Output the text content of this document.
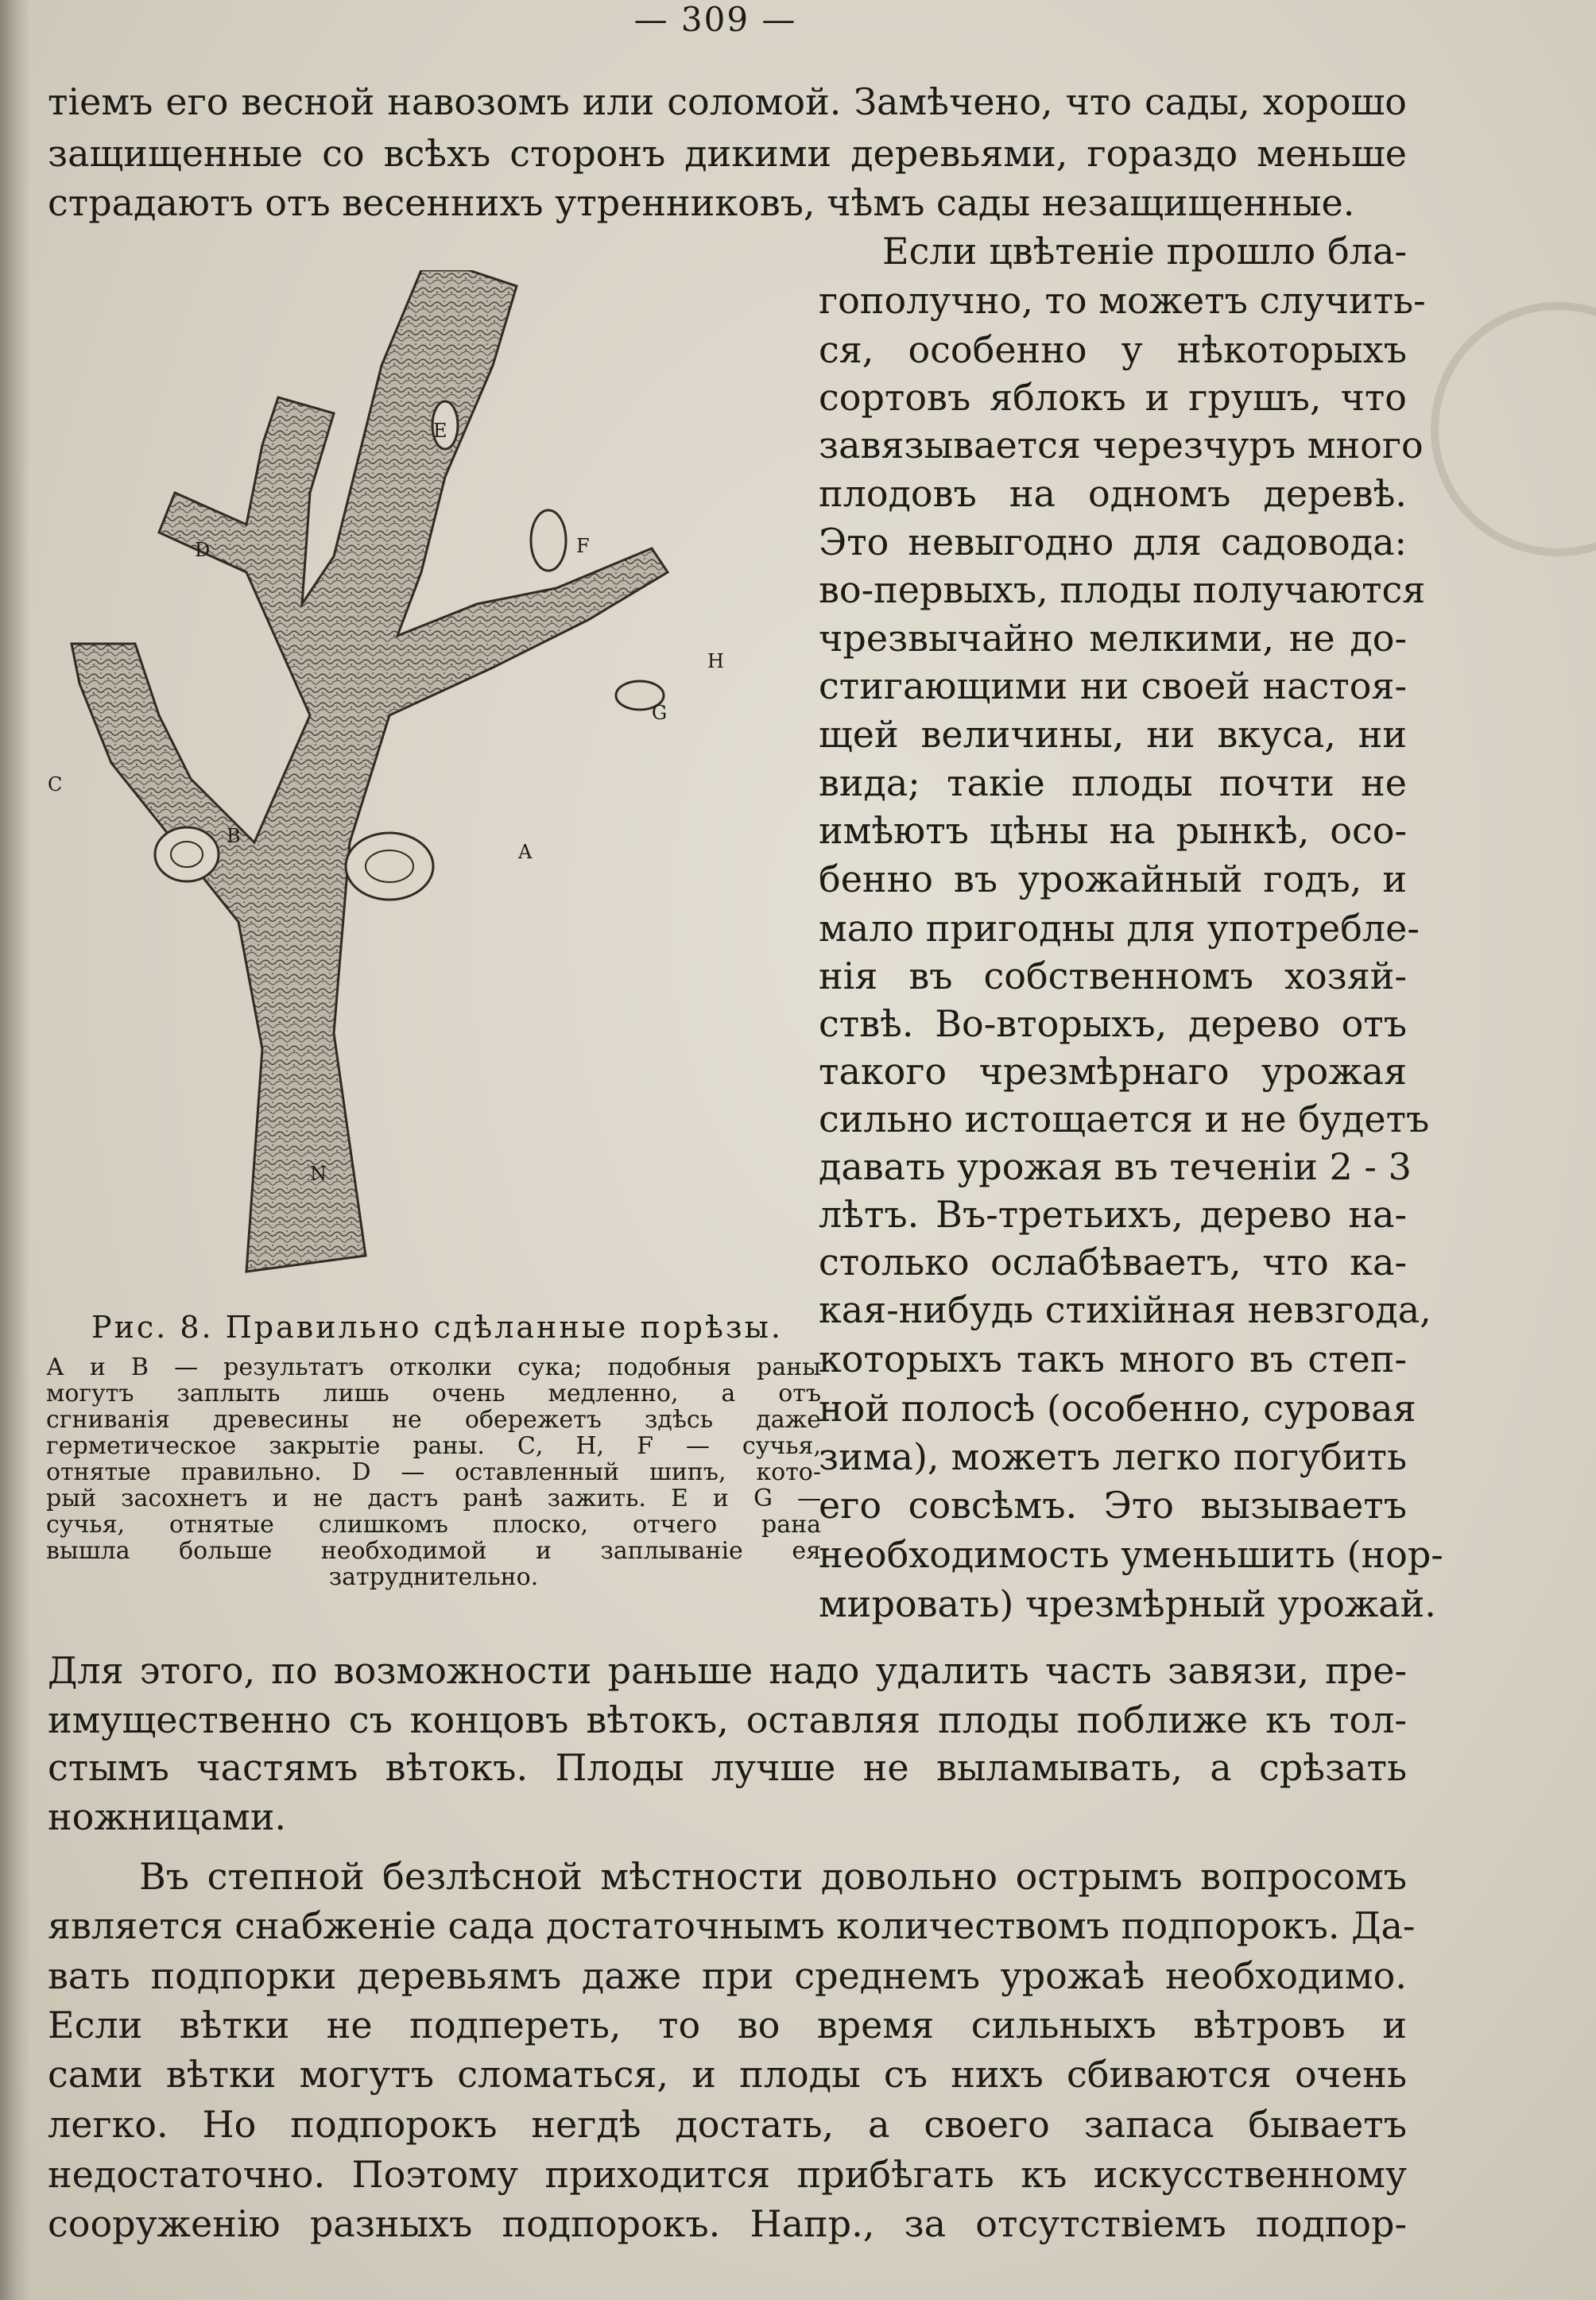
— 309 —
тіемъ его весной навозомъ или соломой. Замѣчено, что сады, хорошо
защищенные со всѣхъ сторонъ дикими деревьями, гораздо меньше
страдаютъ отъ весеннихъ утренниковъ, чѣмъ сады незащищенные.
Если цвѣтеніе прошло бла-
гополучно, то можетъ случить-
ся, особенно у нѣкоторыхъ
сортовъ яблокъ и грушъ, что
завязывается черезчуръ много
плодовъ на одномъ деревѣ.
Это невыгодно для садовода:
во-первыхъ, плоды получаются
чрезвычайно мелкими, не до-
стигающими ни своей настоя-
щей величины, ни вкуса, ни
вида; такіе плоды почти не
имѣютъ цѣны на рынкѣ, осо-
бенно въ урожайный годъ, и
мало пригодны для употребле-
нія въ собственномъ хозяй-
ствѣ. Во-вторыхъ, дерево отъ
такого чрезмѣрнаго урожая
сильно истощается и не будетъ
давать урожая въ теченіи 2 - 3
лѣтъ. Въ-третьихъ, дерево на-
столько ослабѣваетъ, что ка-
кая-нибудь стихійная невзгода,
которыхъ такъ много въ степ-
ной полосѣ (особенно, суровая
зима), можетъ легко погубить
его совсѣмъ. Это вызываетъ
необходимость уменьшить (нор-
мировать) чрезмѣрный урожай.
E
D	F
H
G
C
B
A
N
Рис. 8. Правильно сдѣланные порѣзы.
А и В — результатъ отколки сука; подобныя раны
могутъ заплыть лишь очень медленно, а отъ
сгниванія древесины не обережетъ здѣсь даже
герметическое закрытіе раны. С, Н, F — сучья,
отнятые правильно. D — оставленный шипъ, кото-
рый засохнетъ и не дастъ ранѣ зажить. Е и G —
сучья, отнятые слишкомъ плоско, отчего рана
вышла больше необходимой и заплываніе ея
затруднительно.
Для этого, по возможности раньше надо удалить часть завязи, пре-
имущественно съ концовъ вѣтокъ, оставляя плоды поближе къ тол-
стымъ частямъ вѣтокъ. Плоды лучше не выламывать, а срѣзать
ножницами.
Въ степной безлѣсной мѣстности довольно острымъ вопросомъ
является снабженіе сада достаточнымъ количествомъ подпорокъ. Да-
вать подпорки деревьямъ даже при среднемъ урожаѣ необходимо.
Если вѣтки не подпереть, то во время сильныхъ вѣтровъ и
сами вѣтки могутъ сломаться, и плоды съ нихъ сбиваются очень
легко. Но подпорокъ негдѣ достать, а своего запаса бываетъ
недостаточно. Поэтому приходится прибѣгать къ искусственному
сооруженію разныхъ подпорокъ. Напр., за отсутствіемъ подпор-
